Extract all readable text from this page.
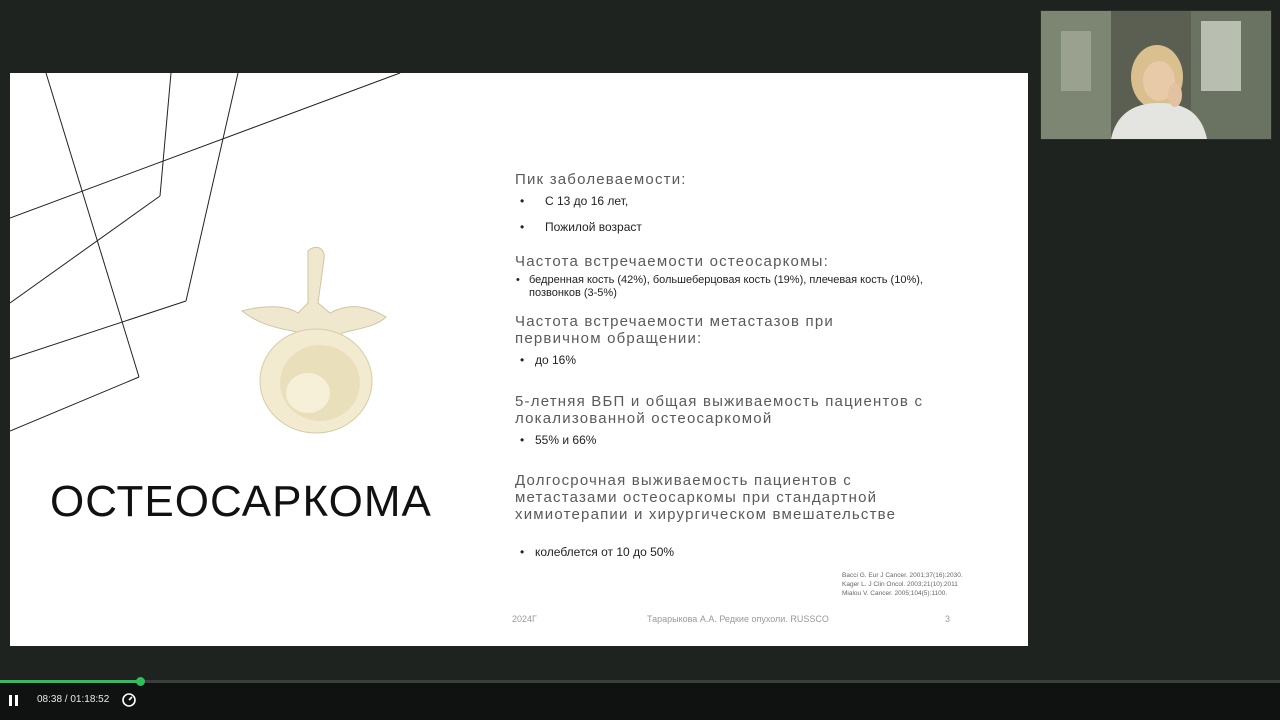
ОСТЕОСАРКОМА
Пик заболеваемости:
• С 13 до 16 лет,
• Пожилой возраст
Частота встречаемости остеосаркомы:
• бедренная кость (42%), большеберцовая кость (19%), плечевая кость (10%), позвонков (3-5%)
Частота встречаемости метастазов при первичном обращении:
• до 16%
5-летняя ВБП и общая выживаемость пациентов с локализованной остеосаркомой
• 55% и 66%
Долгосрочная выживаемость пациентов с метастазами остеосаркомы при стандартной химиотерапии и хирургическом вмешательстве
• колеблется от 10 до 50%
Bacci G. Eur J Cancer. 2001;37(16):2030.
Kager L. J Clin Oncol. 2003;21(10):2011
Mialou V. Cancer. 2005;104(5):1100.
2024Г	Тарарыкова А.А. Редкие опухоли. RUSSCO	3
08:38 / 01:18:52
